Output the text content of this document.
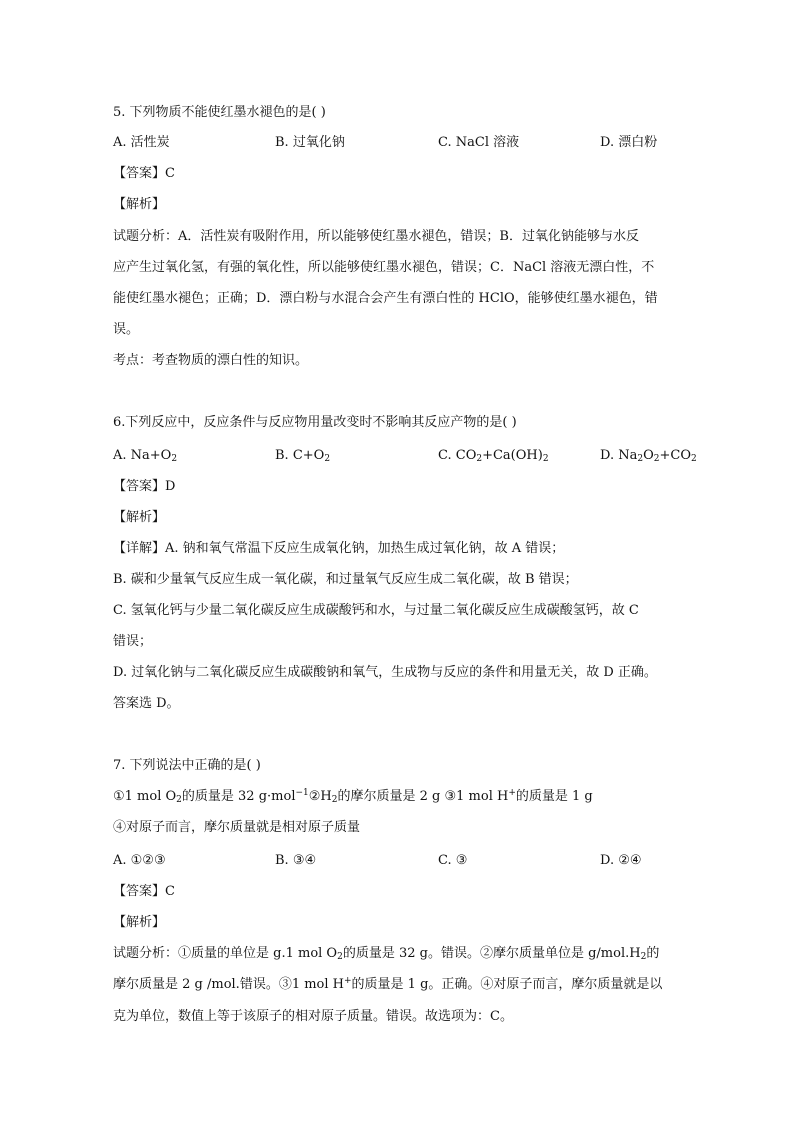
5. 下列物质不能使红墨水褪色的是( )
A. 活性炭	B. 过氧化钠	C. NaCl 溶液	D. 漂白粉
【答案】C
【解析】
试题分析：A．活性炭有吸附作用，所以能够使红墨水褪色，错误；B．过氧化钠能够与水反
应产生过氧化氢，有强的氧化性，所以能够使红墨水褪色，错误；C．NaCl 溶液无漂白性，不
能使红墨水褪色；正确；D．漂白粉与水混合会产生有漂白性的 HClO，能够使红墨水褪色，错
误。
考点：考查物质的漂白性的知识。
6.下列反应中，反应条件与反应物用量改变时不影响其反应产物的是( )
A. $Na+O_2$	B. $C+O_2$	C. $CO_2+Ca(OH)_2$	D. $Na_2O_2+CO_2$
【答案】D
【解析】
【详解】A. 钠和氧气常温下反应生成氧化钠，加热生成过氧化钠，故 A 错误；
B. 碳和少量氧气反应生成一氧化碳，和过量氧气反应生成二氧化碳，故 B 错误；
C. 氢氧化钙与少量二氧化碳反应生成碳酸钙和水，与过量二氧化碳反应生成碳酸氢钙，故 C
错误；
D. 过氧化钠与二氧化碳反应生成碳酸钠和氧气，生成物与反应的条件和用量无关，故 D 正确。
答案选 D。
7. 下列说法中正确的是( )
①1 mol $O_2$的质量是 32 $g\cdot mol^{-1}②H_2$的摩尔质量是 2 g ③1 mol H+的质量是 1 g
④对原子而言，摩尔质量就是相对原子质量
A. ①②③	B. ③④	C. ③	D. ②④
【答案】C
【解析】
试题分析：①质量的单位是 g.1 mol $O_2$的质量是 32 g。错误。②摩尔质量单位是 $g/mol.H_2$的
摩尔质量是 2 g /mol.错误。③1 mol H+的质量是 1 g。正确。④对原子而言，摩尔质量就是以
克为单位，数值上等于该原子的相对原子质量。错误。故选项为：C。
